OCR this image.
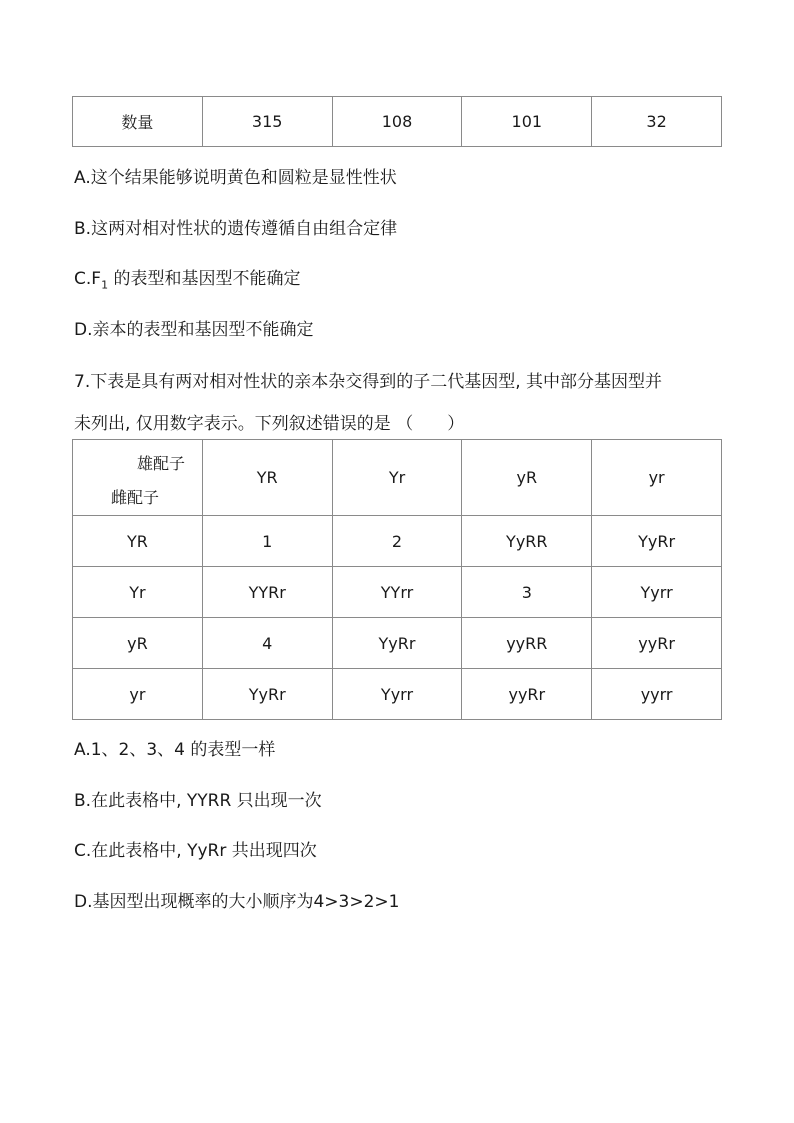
数量	315	108	101	32
A.这个结果能够说明黄色和圆粒是显性性状
B.这两对相对性状的遗传遵循自由组合定律
$C.F_1$ 的表型和基因型不能确定
D.亲本的表型和基因型不能确定
7.下表是具有两对相对性状的亲本杂交得到的子二代基因型, 其中部分基因型并
未列出, 仅用数字表示。下列叙述错误的是 （　　）
雄配子
雌配子	YR	Yr	yR	yr
YR	1	2	YyRR	YyRr
Yr	YYRr	YYrr	3	Yyrr
yR	4	YyRr	yyRR	yyRr
yr	YyRr	Yyrr	yyRr	yyrr
A.1、2、3、4 的表型一样
B.在此表格中, YYRR 只出现一次
C.在此表格中, YyRr 共出现四次
D.基因型出现概率的大小顺序为4>3>2>1
